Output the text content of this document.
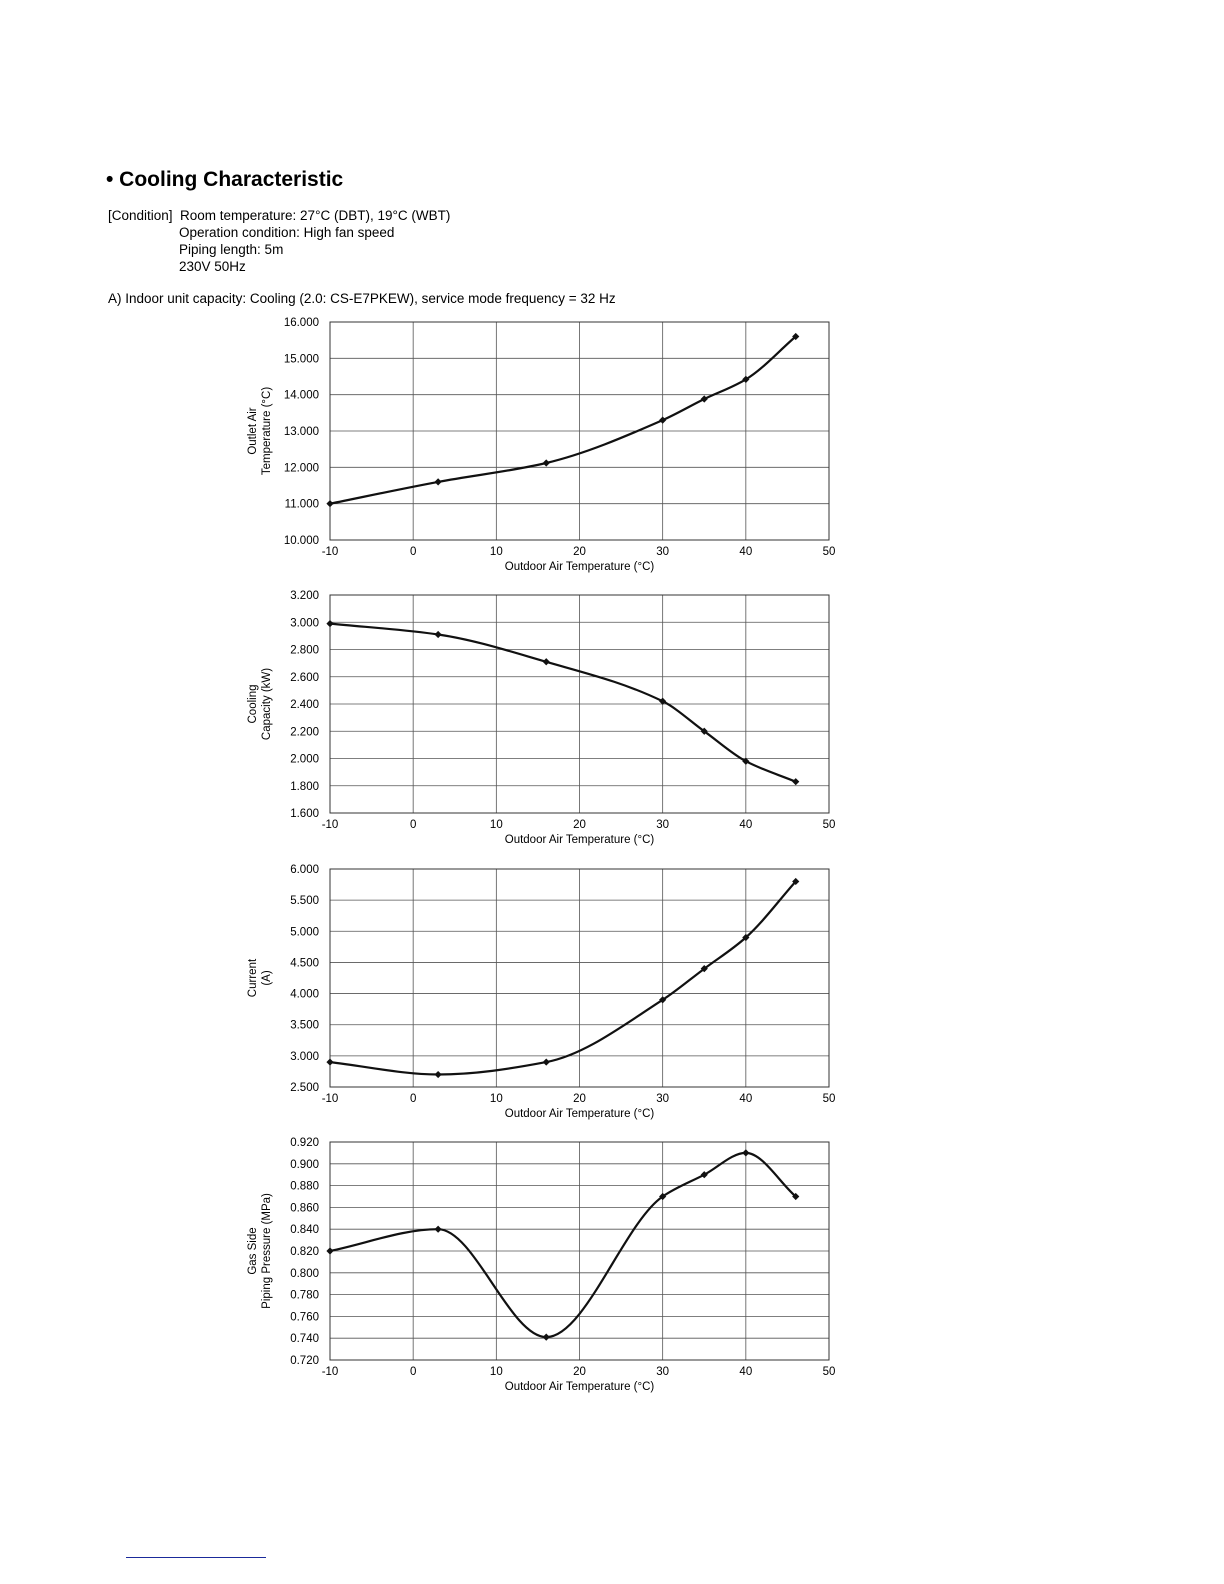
• Cooling Characteristic
[Condition] Room temperature: 27°C (DBT), 19°C (WBT)
Operation condition: High fan speed
Piping length: 5m
230V 50Hz
A) Indoor unit capacity: Cooling (2.0: CS-E7PKEW), service mode frequency = 32 Hz
10.000
11.000
12.000
13.000
14.000
15.000
16.000
-10	0	10	20	30	40	50
Outdoor Air Temperature (°C)
Outlet Air Temperature (°C)
1.600
1.800
2.000
2.200
2.400
2.600
2.800
3.000
3.200
-10	0	10	20	30	40	50
Outdoor Air Temperature (°C)
Cooling Capacity (kW)
2.500
3.000
3.500
4.000
4.500
5.000
5.500
6.000
-10	0	10	20	30	40	50
Outdoor Air Temperature (°C)
Current (A)
0.720
0.740
0.760
0.780
0.800
0.820
0.840
0.860
0.880
0.900
0.920
-10	0	10	20	30	40	50
Outdoor Air Temperature (°C)
Gas Side Piping Pressure (MPa)
